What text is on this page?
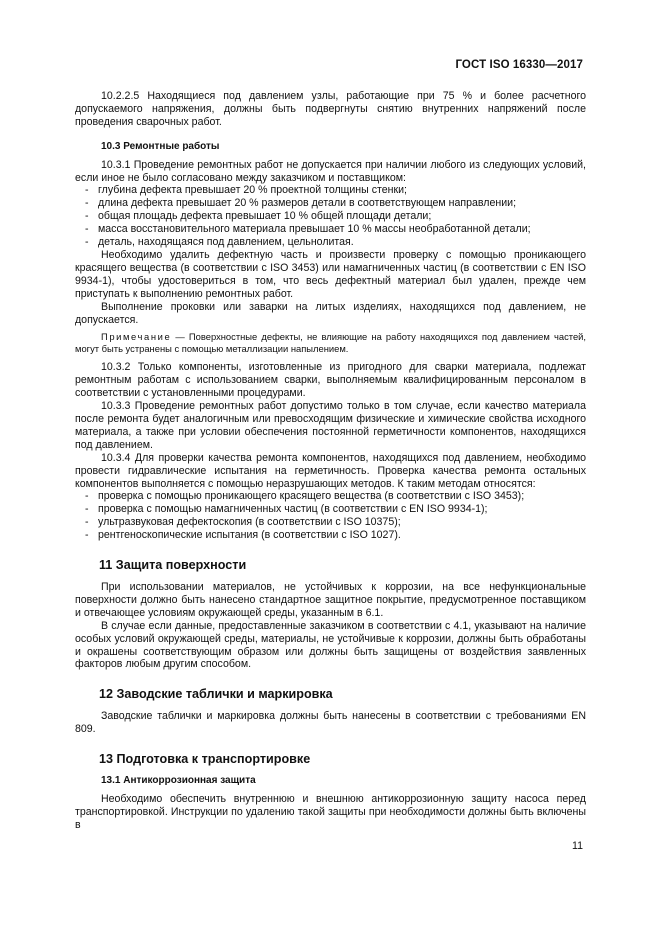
ГОСТ ISO 16330—2017

10.2.2.5 Находящиеся под давлением узлы, работающие при 75 % и более расчетного допускаемого напряжения, должны быть подвергнуты снятию внутренних напряжений после проведения сварочных работ.

10.3 Ремонтные работы

10.3.1 Проведение ремонтных работ не допускается при наличии любого из следующих условий, если иное не было согласовано между заказчиком и поставщиком:

- глубина дефекта превышает 20 % проектной толщины стенки;
- длина дефекта превышает 20 % размеров детали в соответствующем направлении;
- общая площадь дефекта превышает 10 % общей площади детали;
- масса восстановительного материала превышает 10 % массы необработанной детали;
- деталь, находящаяся под давлением, цельнолитая.

Необходимо удалить дефектную часть и произвести проверку с помощью проникающего красящего вещества (в соответствии с ISO 3453) или намагниченных частиц (в соответствии с EN ISO 9934-1), чтобы удостовериться в том, что весь дефектный материал был удален, прежде чем приступать к выполнению ремонтных работ.

Выполнение проковки или заварки на литых изделиях, находящихся под давлением, не допускается.

Примечание — Поверхностные дефекты, не влияющие на работу находящихся под давлением частей, могут быть устранены с помощью металлизации напылением.

10.3.2 Только компоненты, изготовленные из пригодного для сварки материала, подлежат ремонтным работам с использованием сварки, выполняемым квалифицированным персоналом в соответствии с установленными процедурами.

10.3.3 Проведение ремонтных работ допустимо только в том случае, если качество материала после ремонта будет аналогичным или превосходящим физические и химические свойства исходного материала, а также при условии обеспечения постоянной герметичности компонентов, находящихся под давлением.

10.3.4 Для проверки качества ремонта компонентов, находящихся под давлением, необходимо провести гидравлические испытания на герметичность. Проверка качества ремонта остальных компонентов выполняется с помощью неразрушающих методов. К таким методам относятся:

- проверка с помощью проникающего красящего вещества (в соответствии с ISO 3453);
- проверка с помощью намагниченных частиц (в соответствии с EN ISO 9934-1);
- ультразвуковая дефектоскопия (в соответствии с ISO 10375);
- рентгеноскопические испытания (в соответствии с ISO 1027).

11 Защита поверхности

При использовании материалов, не устойчивых к коррозии, на все нефункциональные поверхности должно быть нанесено стандартное защитное покрытие, предусмотренное поставщиком и отвечающее условиям окружающей среды, указанным в 6.1.

В случае если данные, предоставленные заказчиком в соответствии с 4.1, указывают на наличие особых условий окружающей среды, материалы, не устойчивые к коррозии, должны быть обработаны и окрашены соответствующим образом или должны быть защищены от воздействия заявленных факторов любым другим способом.

12 Заводские таблички и маркировка

Заводские таблички и маркировка должны быть нанесены в соответствии с требованиями EN 809.

13 Подготовка к транспортировке

13.1 Антикоррозионная защита

Необходимо обеспечить внутреннюю и внешнюю антикоррозионную защиту насоса перед транспортировкой. Инструкции по удалению такой защиты при необходимости должны быть включены в

11
